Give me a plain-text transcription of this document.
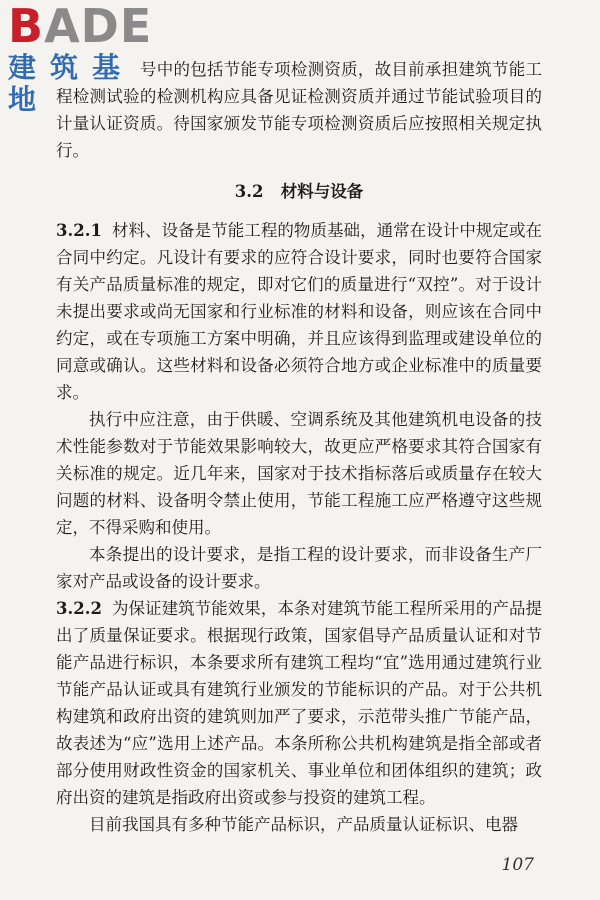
BADE
建筑基地

号中的包括节能专项检测资质，故目前承担建筑节能工程检测试验的检测机构应具备见证检测资质并通过节能试验项目的计量认证资质。待国家颁发节能专项检测资质后应按照相关规定执行。

3.2 材料与设备

3.2.1 材料、设备是节能工程的物质基础，通常在设计中规定或在合同中约定。凡设计有要求的应符合设计要求，同时也要符合国家有关产品质量标准的规定，即对它们的质量进行“双控”。对于设计未提出要求或尚无国家和行业标准的材料和设备，则应该在合同中约定，或在专项施工方案中明确，并且应该得到监理或建设单位的同意或确认。这些材料和设备必须符合地方或企业标准中的质量要求。

执行中应注意，由于供暖、空调系统及其他建筑机电设备的技术性能参数对于节能效果影响较大，故更应严格要求其符合国家有关标准的规定。近几年来，国家对于技术指标落后或质量存在较大问题的材料、设备明令禁止使用，节能工程施工应严格遵守这些规定，不得采购和使用。

本条提出的设计要求，是指工程的设计要求，而非设备生产厂家对产品或设备的设计要求。

3.2.2 为保证建筑节能效果，本条对建筑节能工程所采用的产品提出了质量保证要求。根据现行政策，国家倡导产品质量认证和对节能产品进行标识，本条要求所有建筑工程均“宜”选用通过建筑行业节能产品认证或具有建筑行业颁发的节能标识的产品。对于公共机构建筑和政府出资的建筑则加严了要求，示范带头推广节能产品，故表述为“应”选用上述产品。本条所称公共机构建筑是指全部或者部分使用财政性资金的国家机关、事业单位和团体组织的建筑；政府出资的建筑是指政府出资或参与投资的建筑工程。

目前我国具有多种节能产品标识，产品质量认证标识、电器

107
